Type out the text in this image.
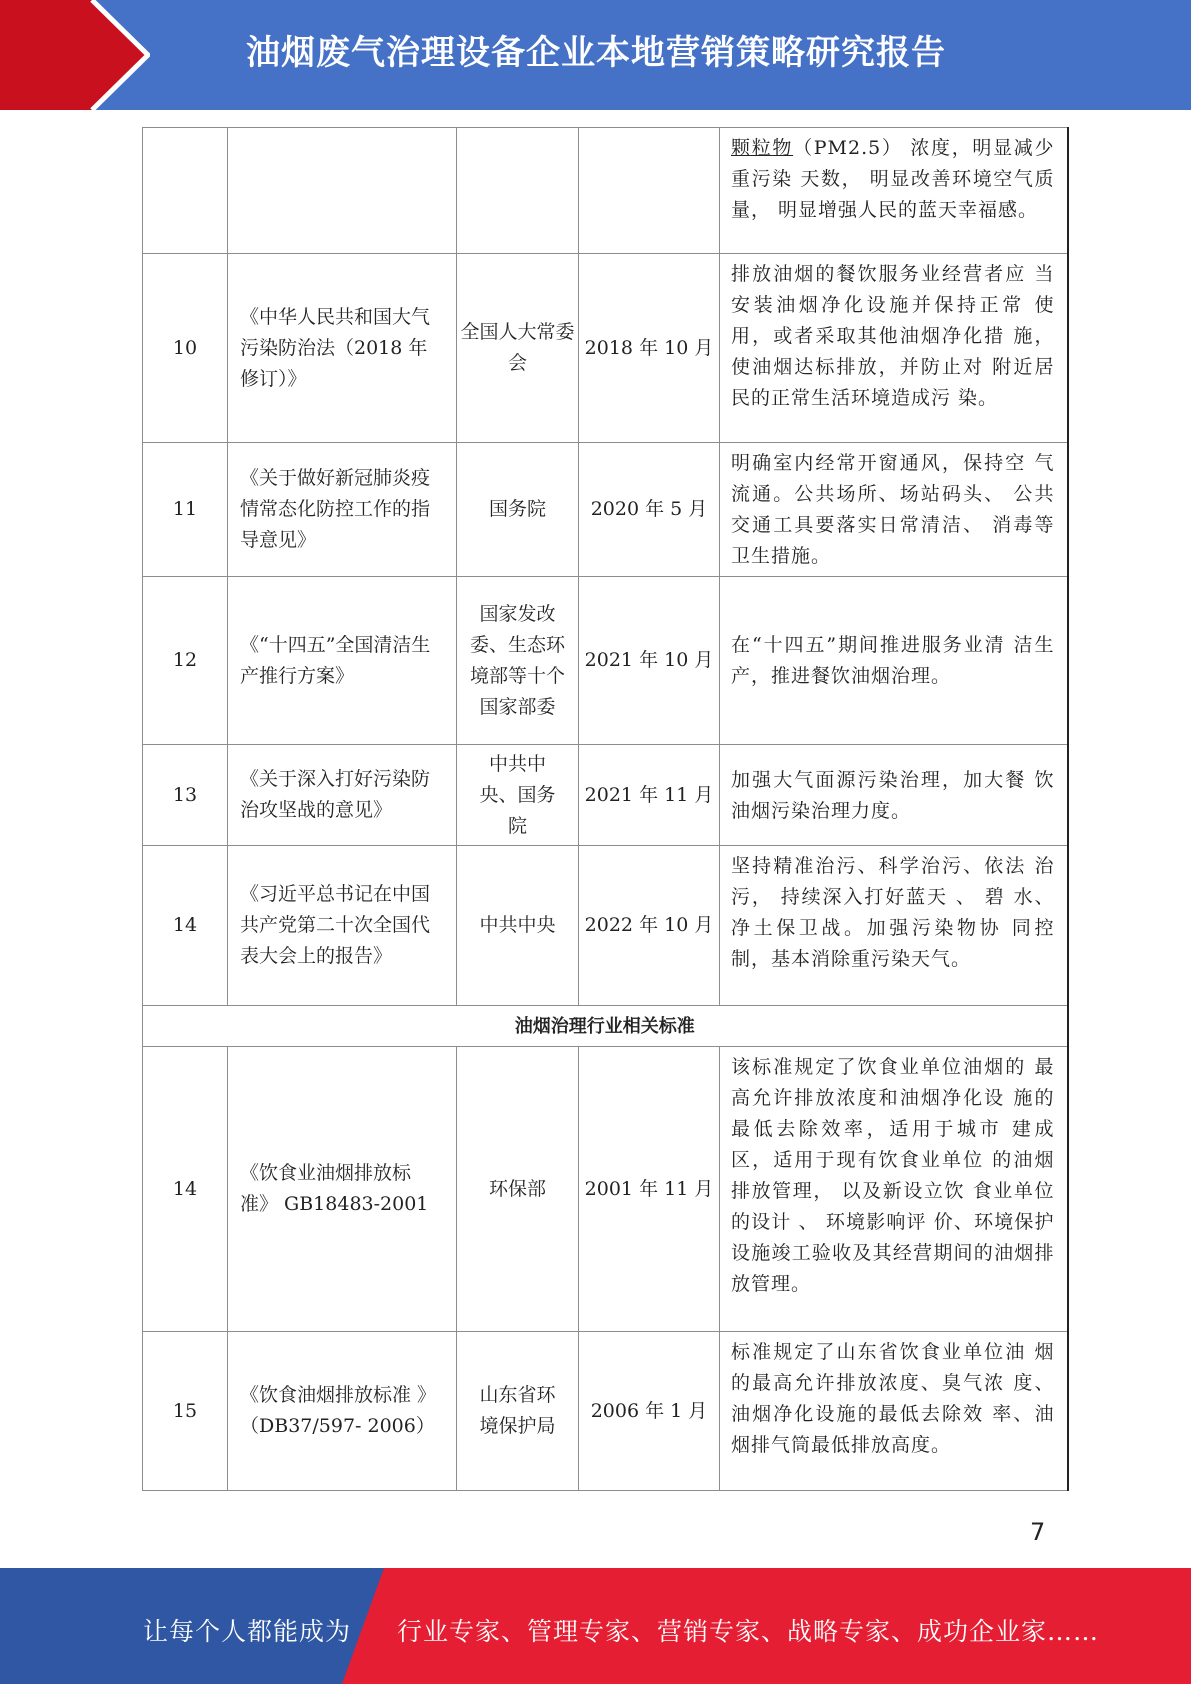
油烟废气治理设备企业本地营销策略研究报告
				颗粒物（PM2.5） 浓度，明显减少重污染 天数， 明显改善环境空气质量， 明显增强人民的蓝天幸福感。
10	《中华人民共和国大气污染防治法（2018 年修订）》	全国人大常委会	2018 年 10 月	排放油烟的餐饮服务业经营者应 当安装油烟净化设施并保持正常 使用，或者采取其他油烟净化措 施，使油烟达标排放，并防止对 附近居民的正常生活环境造成污 染。
11	《关于做好新冠肺炎疫情常态化防控工作的指导意见》	国务院	2020 年 5 月	明确室内经常开窗通风，保持空 气流通。公共场所、场站码头、 公共交通工具要落实日常清洁、 消毒等卫生措施。
12	《“十四五”全国清洁生产推行方案》	国家发改委、生态环境部等十个国家部委	2021 年 10 月	在“十四五”期间推进服务业清 洁生产，推进餐饮油烟治理。
13	《关于深入打好污染防治攻坚战的意见》	中共中央、国务院	2021 年 11 月	加强大气面源污染治理，加大餐 饮油烟污染治理力度。
14	《习近平总书记在中国共产党第二十次全国代表大会上的报告》	中共中央	2022 年 10 月	坚持精准治污、科学治污、依法 治污， 持续深入打好蓝天 、 碧 水、净土保卫战。加强污染物协 同控制，基本消除重污染天气。
油烟治理行业相关标准				
14	《饮食业油烟排放标 准》 GB18483-2001	环保部	2001 年 11 月	该标准规定了饮食业单位油烟的 最高允许排放浓度和油烟净化设 施的最低去除效率，适用于城市 建成区，适用于现有饮食业单位 的油烟排放管理， 以及新设立饮 食业单位的设计 、 环境影响评 价、环境保护设施竣工验收及其经营期间的油烟排放管理。
15	《饮食油烟排放标准 》 （DB37/597- 2006）	山东省环境保护局	2006 年 1 月	标准规定了山东省饮食业单位油 烟的最高允许排放浓度、臭气浓 度、油烟净化设施的最低去除效 率、油烟排气筒最低排放高度。
7
让每个人都能成为 行业专家、管理专家、营销专家、战略专家、成功企业家……
